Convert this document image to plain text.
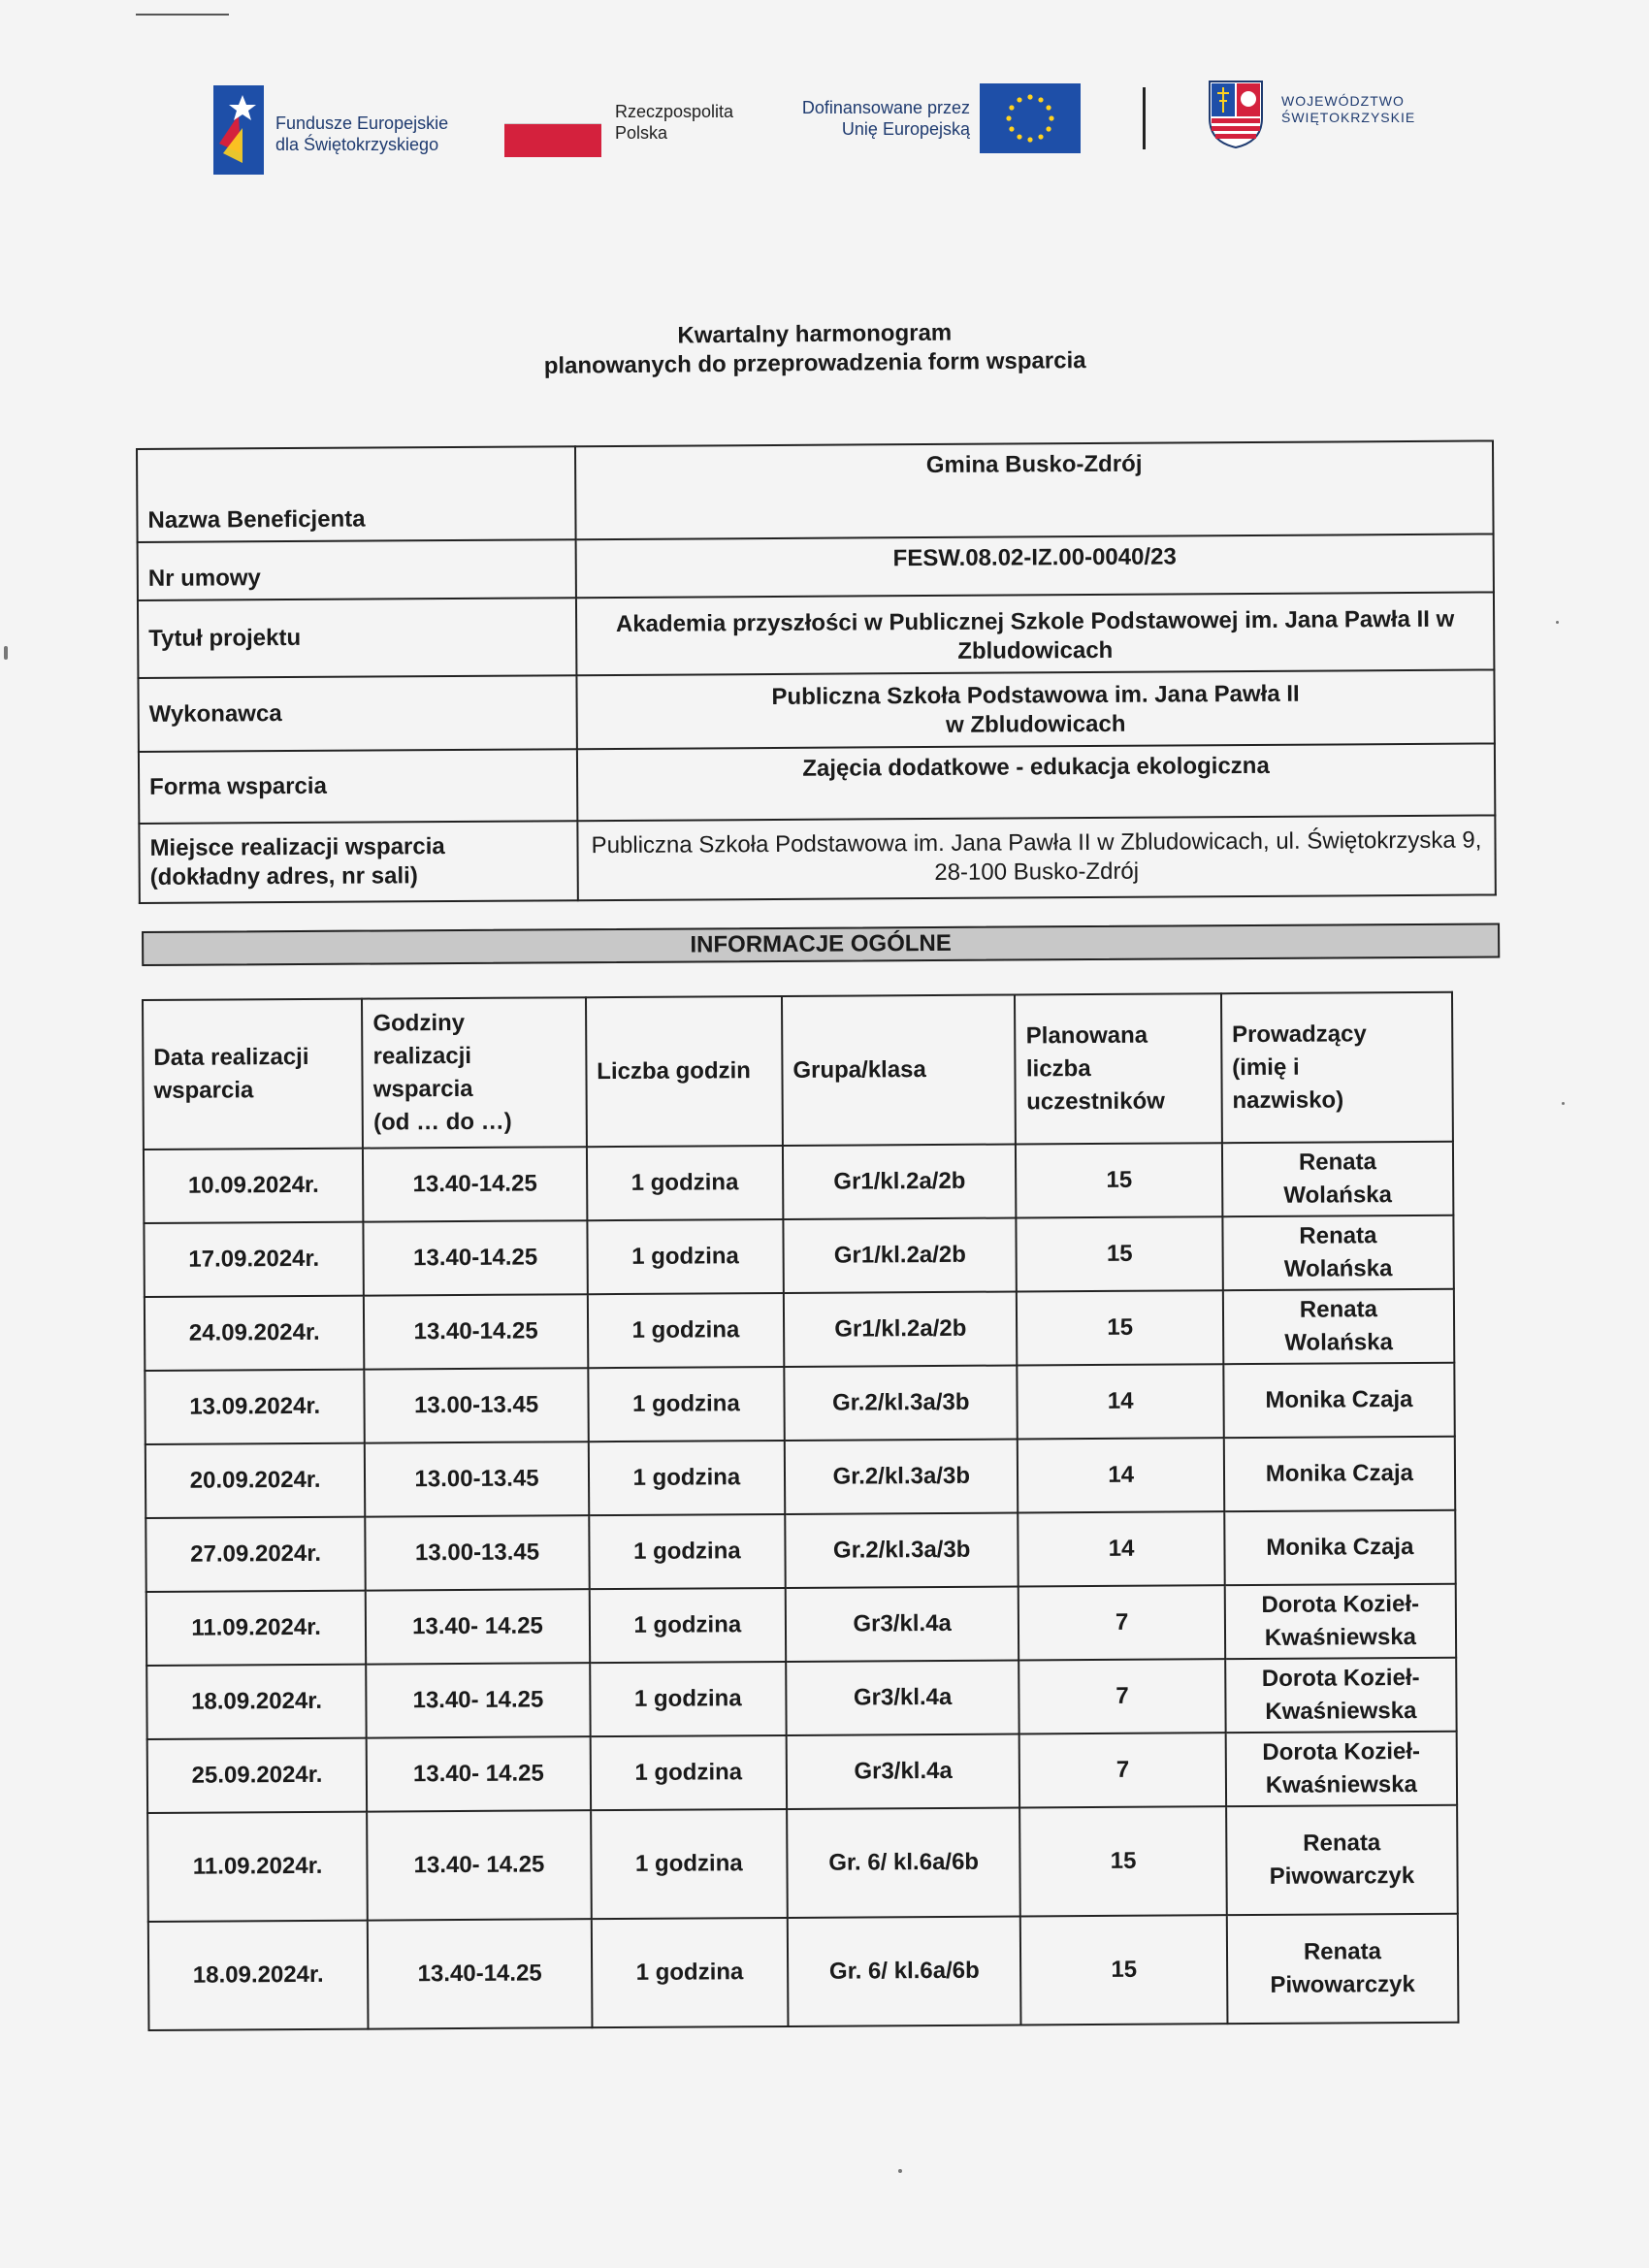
Fundusze Europejskie
dla Świętokrzyskiego
Rzeczpospolita
Polska
Dofinansowane przez
Unię Europejską
WOJEWÓDZTWO
ŚWIĘTOKRZYSKIE
Kwartalny harmonogram
planowanych do przeprowadzenia form wsparcia
Nazwa Beneficjenta	Gmina Busko-Zdrój
Nr umowy	FESW.08.02-IZ.00-0040/23
Tytuł projektu	Akademia przyszłości w Publicznej Szkole Podstawowej im. Jana Pawła II w Zbludowicach
Wykonawca	Publiczna Szkoła Podstawowa im. Jana Pawła II
w Zbludowicach
Forma wsparcia	Zajęcia dodatkowe - edukacja ekologiczna
Miejsce realizacji wsparcia
(dokładny adres, nr sali)	Publiczna Szkoła Podstawowa im. Jana Pawła II w Zbludowicach, ul. Świętokrzyska 9, 28-100 Busko-Zdrój
INFORMACJE OGÓLNE
Data realizacji
wsparcia	Godziny
realizacji
wsparcia
(od … do …)	Liczba godzin	Grupa/klasa	Planowana
liczba
uczestników	Prowadzący
(imię i
nazwisko)
10.09.2024r.	13.40-14.25	1 godzina	Gr1/kl.2a/2b	15	Renata
Wolańska
17.09.2024r.	13.40-14.25	1 godzina	Gr1/kl.2a/2b	15	Renata
Wolańska
24.09.2024r.	13.40-14.25	1 godzina	Gr1/kl.2a/2b	15	Renata
Wolańska
13.09.2024r.	13.00-13.45	1 godzina	Gr.2/kl.3a/3b	14	Monika Czaja
20.09.2024r.	13.00-13.45	1 godzina	Gr.2/kl.3a/3b	14	Monika Czaja
27.09.2024r.	13.00-13.45	1 godzina	Gr.2/kl.3a/3b	14	Monika Czaja
11.09.2024r.	13.40- 14.25	1 godzina	Gr3/kl.4a	7	Dorota Kozieł-
Kwaśniewska
18.09.2024r.	13.40- 14.25	1 godzina	Gr3/kl.4a	7	Dorota Kozieł-
Kwaśniewska
25.09.2024r.	13.40- 14.25	1 godzina	Gr3/kl.4a	7	Dorota Kozieł-
Kwaśniewska
11.09.2024r.	13.40- 14.25	1 godzina	Gr. 6/ kl.6a/6b	15	Renata
Piwowarczyk
18.09.2024r.	13.40-14.25	1 godzina	Gr. 6/ kl.6a/6b	15	Renata
Piwowarczyk
